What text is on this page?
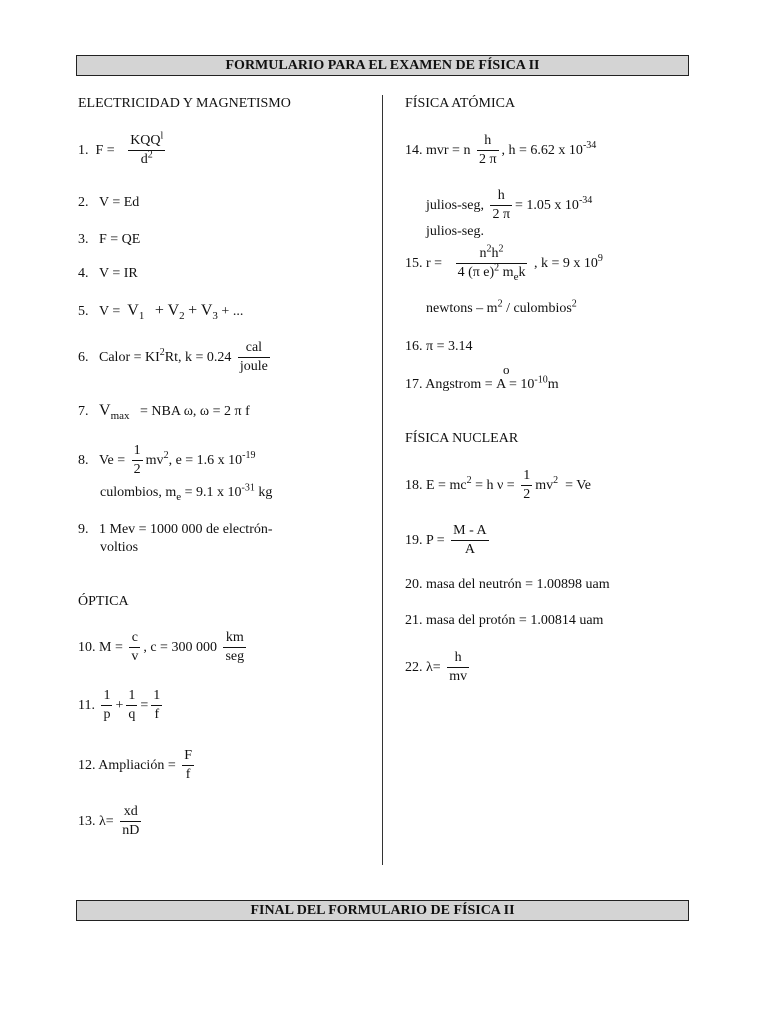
FORMULARIO PARA EL EXAMEN DE FÍSICA II
ELECTRICIDAD Y MAGNETISMO
1. $F = \frac{KQQ^l}{d^2}$
2. V = Ed
3. F = QE
4. V = IR
5. $V = V_1 + V_2 + V_3$ + ...
6. Calor = $KI^2Rt$, $k = 0.24 \frac{\text{cal}}{\text{joule}}$
7. $V_{max}$ = NBA ω, ω = 2 π f
8. $Ve = \frac{1}{2} mv^2$, e = 1.6 x $10^{-19}$
culombios, $m_e = 9.1$ x $10^{-31}$ kg
9. 1 Mev = 1000 000 de electrón-
voltios
ÓPTICA
10. $M = \frac{c}{v}$ , c = 300 $000 \frac{km}{\text{seg}}$
11. $\frac{1}{p} + \frac{1}{q} = \frac{1}{f}$
12. Ampliación = $\frac{F}{f}$
13. $\lambda= \frac{xd}{nD}$
FÍSICA ATÓMICA
14. mvr = n $\frac{h}{2 \pi}$ , h = 6.62 x $10^{-34}$
julios-seg, $\frac{h}{2 \pi} = 1.05$ x $10^{-34}$
julios-seg.
15. $r = \frac{n^2h^2}{4 (\pi e)^2 m_ek}$ , k = 9 x $10^9$
newtons – $m^2$ / culombios$^2$
16. π = 3.14
o
17. Angstrom = $A = 10^{-10}m$
FÍSICA NUCLEAR
18. $E = mc^2 = h$ $\nu = \frac{1}{2} mv^2 = Ve$
19. $P = \frac{M - A}{A}$
20. masa del neutrón = 1.00898 uam
21. masa del protón = 1.00814 uam
22. $\lambda= \frac{h}{mv}$
FINAL DEL FORMULARIO DE FÍSICA II
